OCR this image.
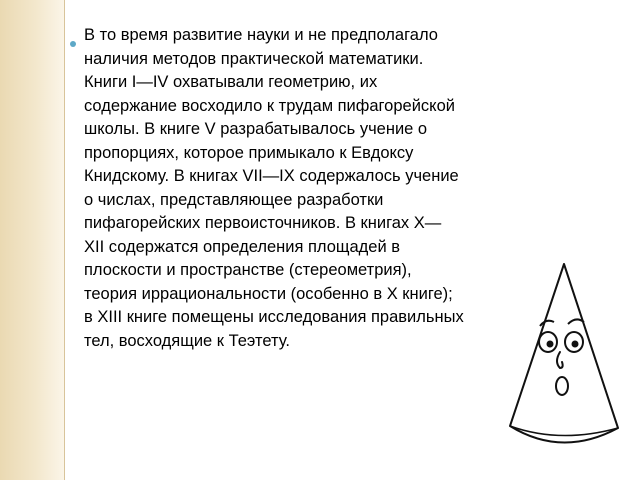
В то время развитие науки и не предполагало
наличия методов практической математики.
Книги I—IV охватывали геометрию, их
содержание восходило к трудам пифагорейской
школы. В книге V разрабатывалось учение о
пропорциях, которое примыкало к Евдоксу
Книдскому. В книгах VII—IX содержалось учение
о числах, представляющее разработки
пифагорейских первоисточников. В книгах X—
XII содержатся определения площадей в
плоскости и пространстве (стереометрия),
теория иррациональности (особенно в X книге);
в XIII книге помещены исследования правильных
тел, восходящие к Теэтету.
